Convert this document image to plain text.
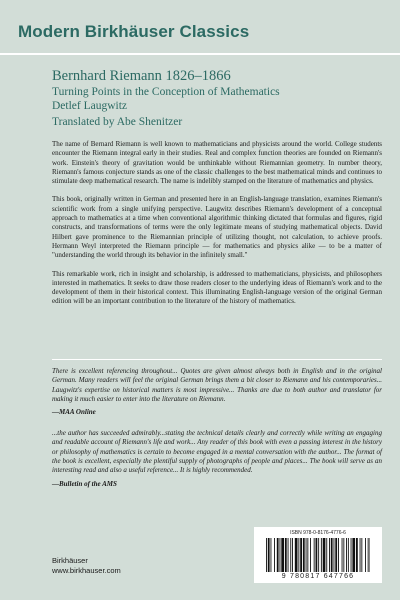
Modern Birkhäuser Classics
Bernhard Riemann 1826–1866
Turning Points in the Conception of Mathematics
Detlef Laugwitz
Translated by Abe Shenitzer

The name of Bernard Riemann is well known to mathematicians and physicists around the world. College students encounter the Riemann integral early in their studies. Real and complex function theories are founded on Riemann's work. Einstein's theory of gravitation would be unthinkable without Riemannian geometry. In number theory, Riemann's famous conjecture stands as one of the classic challenges to the best mathematical minds and continues to stimulate deep mathematical research. The name is indelibly stamped on the literature of mathematics and physics.

This book, originally written in German and presented here in an English-language translation, examines Riemann's scientific work from a single unifying perspective. Laugwitz describes Riemann's development of a conceptual approach to mathematics at a time when conventional algorithmic thinking dictated that formulas and figures, rigid constructs, and transformations of terms were the only legitimate means of studying mathematical objects. David Hilbert gave prominence to the Riemannian principle of utilizing thought, not calculation, to achieve proofs. Hermann Weyl interpreted the Riemann principle — for mathematics and physics alike — to be a matter of "understanding the world through its behavior in the infinitely small."

This remarkable work, rich in insight and scholarship, is addressed to mathematicians, physicists, and philosophers interested in mathematics. It seeks to draw those readers closer to the underlying ideas of Riemann's work and to the development of them in their historical context. This illuminating English-language version of the original German edition will be an important contribution to the literature of the history of mathematics.

There is excellent referencing throughout... Quotes are given almost always both in English and in the original German. Many readers will feel the original German brings them a bit closer to Riemann and his contemporaries... Laugwitz's expertise on historical matters is most impressive... Thanks are due to both author and translator for making it much easier to enter into the literature on Riemann.

—MAA Online

...the author has succeeded admirably...stating the technical details clearly and correctly while writing an engaging and readable account of Riemann's life and work... Any reader of this book with even a passing interest in the history or philosophy of mathematics is certain to become engaged in a mental conversation with the author... The format of the book is excellent, especially the plentiful supply of photographs of people and places... The book will serve as an interesting read and also a useful reference... It is highly recommended.

—Bulletin of the AMS

Birkhäuser
www.birkhauser.com
ISBN 978-0-8176-4776-6
9 780817 647766
